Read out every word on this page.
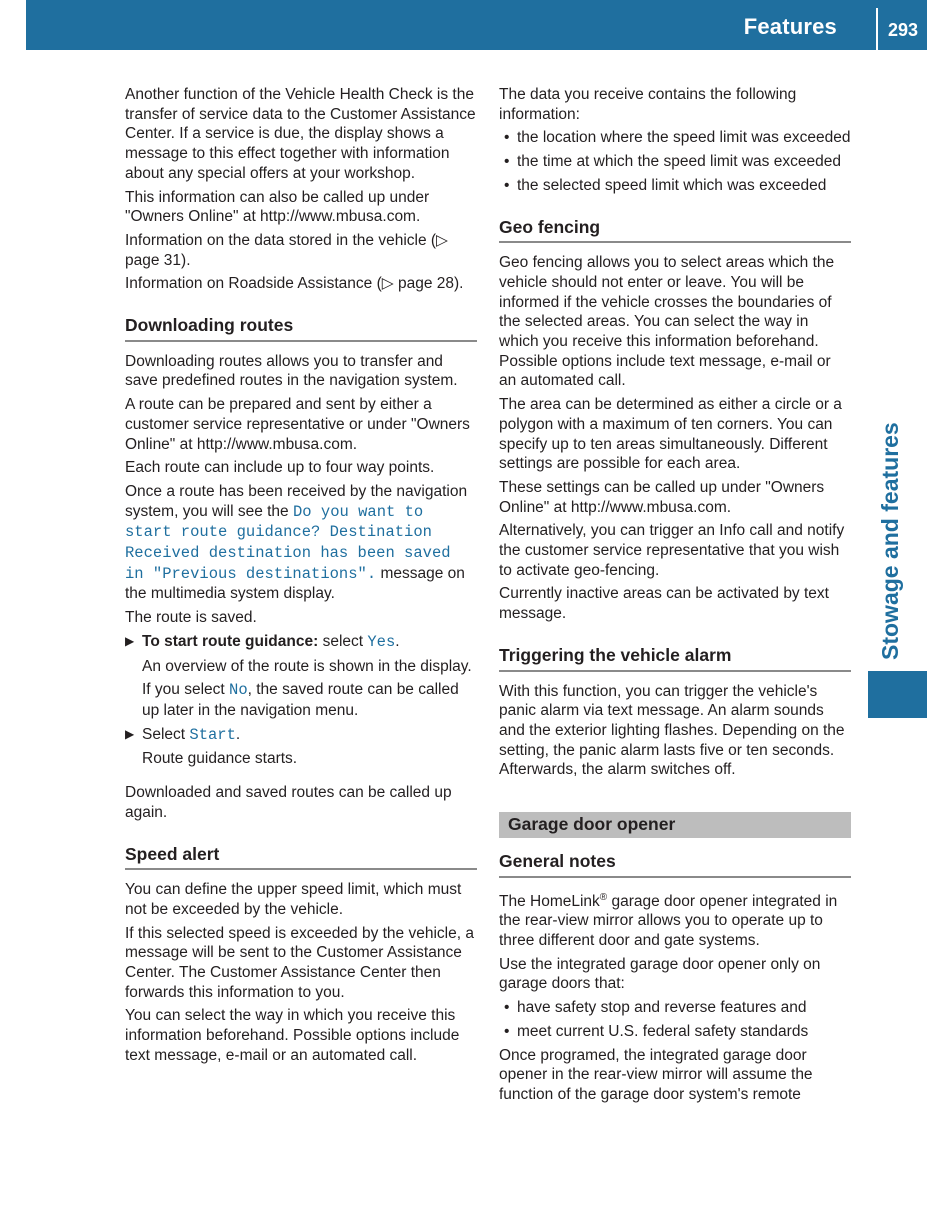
Features	293
Stowage and features

Another function of the Vehicle Health Check is the transfer of service data to the Customer Assistance Center. If a service is due, the display shows a message to this effect together with information about any special offers at your workshop.

This information can also be called up under "Owners Online" at http://www.mbusa.com.

Information on the data stored in the vehicle (▷ page 31).

Information on Roadside Assistance (▷ page 28).

Downloading routes

Downloading routes allows you to transfer and save predefined routes in the navigation system.

A route can be prepared and sent by either a customer service representative or under "Owners Online" at http://www.mbusa.com.

Each route can include up to four way points.

Once a route has been received by the navigation system, you will see the Do you want to start route guidance? Destination Received destination has been saved in "Previous destinations". message on the multimedia system display.

The route is saved.

▶ To start route guidance: select Yes.

An overview of the route is shown in the display.

If you select No, the saved route can be called up later in the navigation menu.

▶ Select Start.

Route guidance starts.

Downloaded and saved routes can be called up again.

Speed alert

You can define the upper speed limit, which must not be exceeded by the vehicle.

If this selected speed is exceeded by the vehicle, a message will be sent to the Customer Assistance Center. The Customer Assistance Center then forwards this information to you.

You can select the way in which you receive this information beforehand. Possible options include text message, e-mail or an automated call.

The data you receive contains the following information:

• the location where the speed limit was exceeded
• the time at which the speed limit was exceeded
• the selected speed limit which was exceeded
Geo fencing

Geo fencing allows you to select areas which the vehicle should not enter or leave. You will be informed if the vehicle crosses the boundaries of the selected areas. You can select the way in which you receive this information beforehand. Possible options include text message, e-mail or an automated call.

The area can be determined as either a circle or a polygon with a maximum of ten corners. You can specify up to ten areas simultaneously. Different settings are possible for each area.

These settings can be called up under "Owners Online" at http://www.mbusa.com.

Alternatively, you can trigger an Info call and notify the customer service representative that you wish to activate geo-fencing.

Currently inactive areas can be activated by text message.

Triggering the vehicle alarm

With this function, you can trigger the vehicle's panic alarm via text message. An alarm sounds and the exterior lighting flashes. Depending on the setting, the panic alarm lasts five or ten seconds. Afterwards, the alarm switches off.

Garage door opener
General notes

The HomeLink® garage door opener integrated in the rear-view mirror allows you to operate up to three different door and gate systems.

Use the integrated garage door opener only on garage doors that:

• have safety stop and reverse features and
• meet current U.S. federal safety standards

Once programed, the integrated garage door opener in the rear-view mirror will assume the function of the garage door system's remote
